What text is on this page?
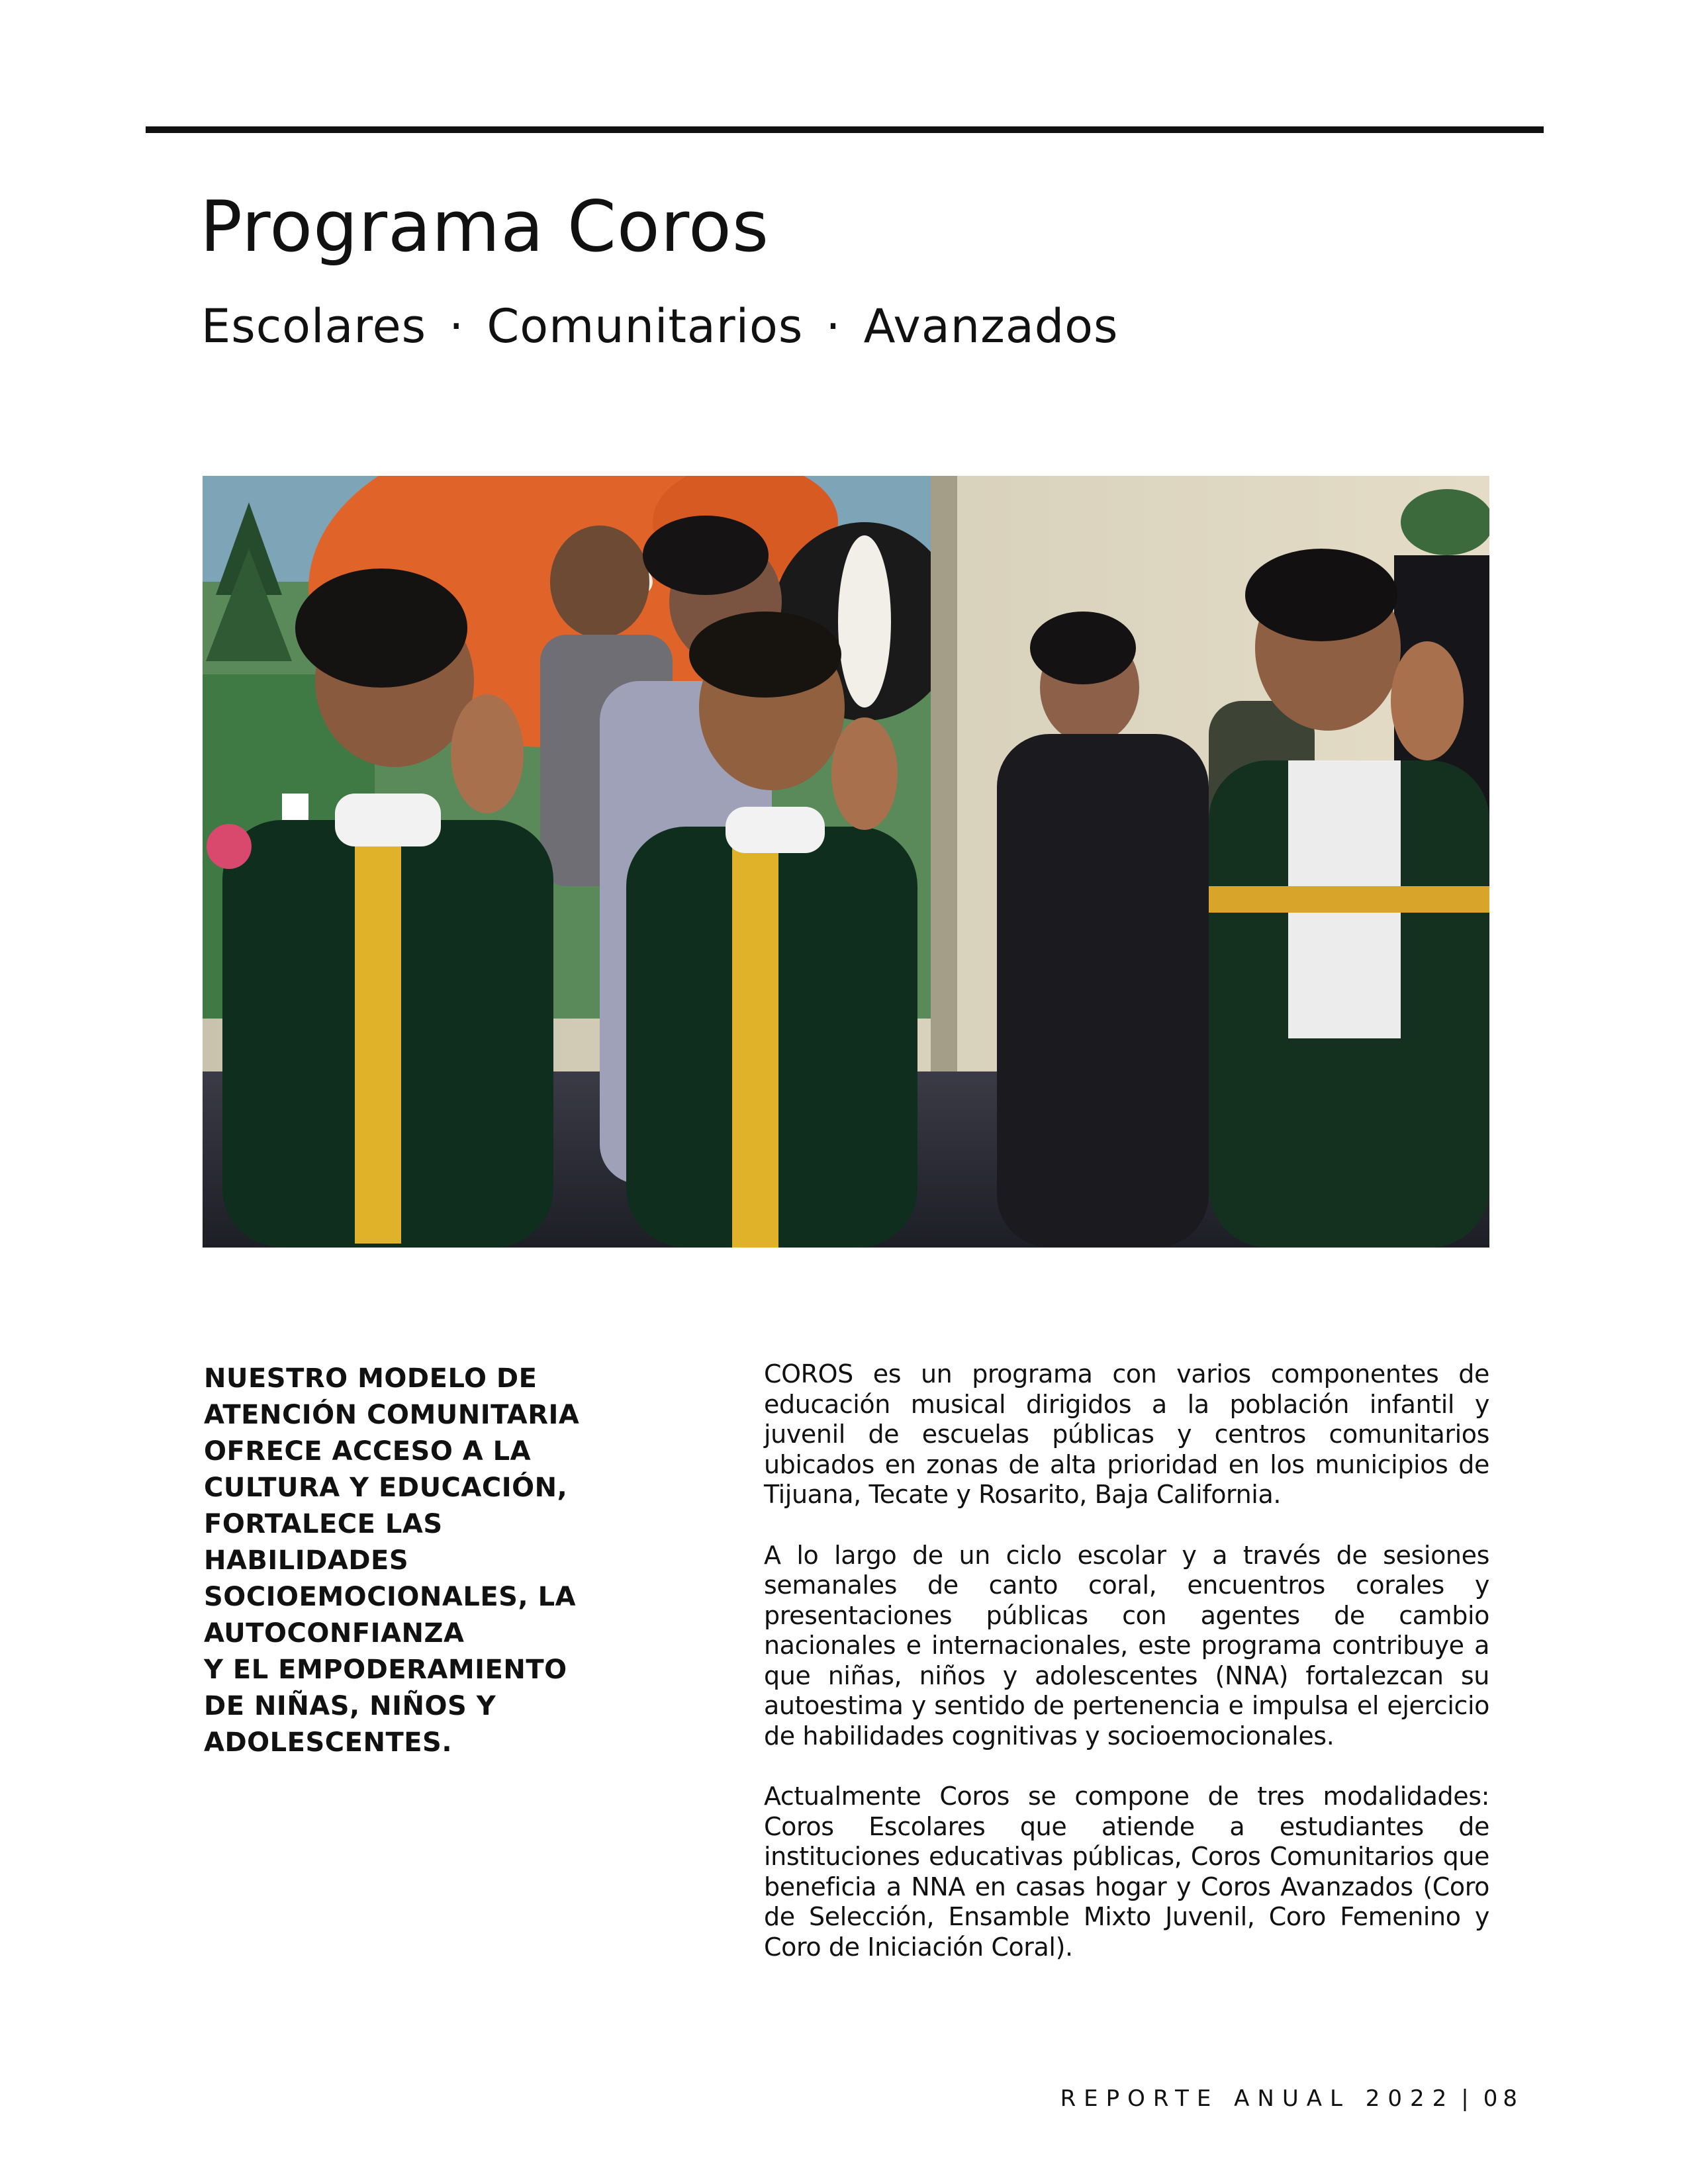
Programa Coros
Escolares · Comunitarios · Avanzados
NUESTRO MODELO DE
ATENCIÓN COMUNITARIA
OFRECE ACCESO A LA
CULTURA Y EDUCACIÓN,
FORTALECE LAS
HABILIDADES
SOCIOEMOCIONALES, LA
AUTOCONFIANZA
Y EL EMPODERAMIENTO
DE NIÑAS, NIÑOS Y
ADOLESCENTES.

COROS es un programa con varios componentes de educación musical dirigidos a la población infantil y juvenil de escuelas públicas y centros comunitarios ubicados en zonas de alta prioridad en los municipios de Tijuana, Tecate y Rosarito, Baja California.

A lo largo de un ciclo escolar y a través de sesiones semanales de canto coral, encuentros corales y presentaciones públicas con agentes de cambio nacionales e internacionales, este programa contribuye a que niñas, niños y adolescentes (NNA) fortalezcan su autoestima y sentido de pertenencia e impulsa el ejercicio de habilidades cognitivas y socioemocionales.

Actualmente Coros se compone de tres modalidades: Coros Escolares que atiende a estudiantes de instituciones educativas públicas, Coros Comunitarios que beneficia a NNA en casas hogar y Coros Avanzados (Coro de Selección, Ensamble Mixto Juvenil, Coro Femenino y Coro de Iniciación Coral).

REPORTE ANUAL 2022 | 08
